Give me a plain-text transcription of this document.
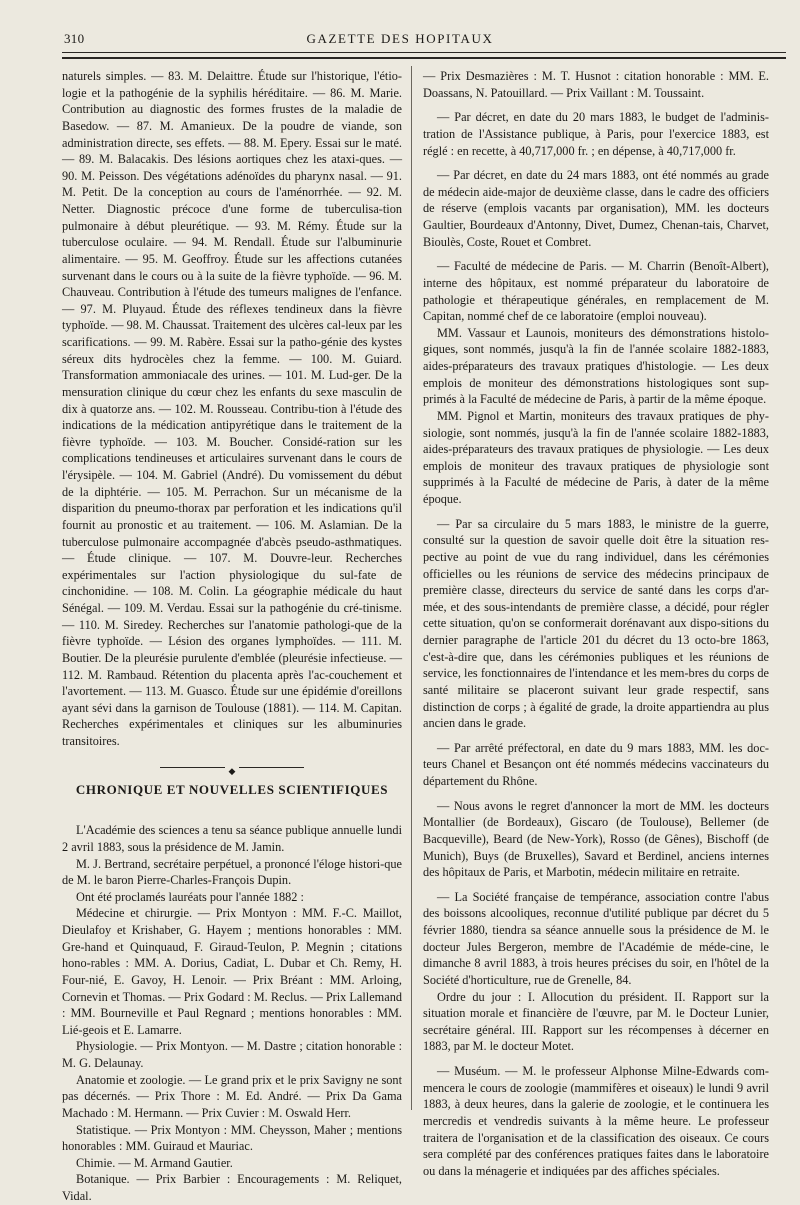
310	GAZETTE DES HOPITAUX

naturels simples. — 83. M. Delaittre. Étude sur l'historique, l'étio-logie et la pathogénie de la syphilis héréditaire. — 86. M. Marie. Contribution au diagnostic des formes frustes de la maladie de Basedow. — 87. M. Amanieux. De la poudre de viande, son administration directe, ses effets. — 88. M. Epery. Essai sur le maté. — 89. M. Balacakis. Des lésions aortiques chez les ataxi-ques. — 90. M. Peisson. Des végétations adénoïdes du pharynx nasal. — 91. M. Petit. De la conception au cours de l'aménorrhée. — 92. M. Netter. Diagnostic précoce d'une forme de tuberculisa-tion pulmonaire à début pleurétique. — 93. M. Rémy. Étude sur la tuberculose oculaire. — 94. M. Rendall. Étude sur l'albuminurie alimentaire. — 95. M. Geoffroy. Étude sur les affections cutanées survenant dans le cours ou à la suite de la fièvre typhoïde. — 96. M. Chauveau. Contribution à l'étude des tumeurs malignes de l'enfance. — 97. M. Pluyaud. Étude des réflexes tendineux dans la fièvre typhoïde. — 98. M. Chaussat. Traitement des ulcères cal-leux par les scarifications. — 99. M. Rabère. Essai sur la patho-génie des kystes séreux dits hydrocèles chez la femme. — 100. M. Guiard. Transformation ammoniacale des urines. — 101. M. Lud-ger. De la mensuration clinique du cœur chez les enfants du sexe masculin de dix à quatorze ans. — 102. M. Rousseau. Contribu-tion à l'étude des indications de la médication antipyrétique dans le traitement de la fièvre typhoïde. — 103. M. Boucher. Considé-ration sur les complications tendineuses et articulaires survenant dans le cours de l'érysipèle. — 104. M. Gabriel (André). Du vomissement du début de la diphtérie. — 105. M. Perrachon. Sur un mécanisme de la disparition du pneumo-thorax par perforation et les indications qu'il fournit au pronostic et au traitement. — 106. M. Aslamian. De la tuberculose pulmonaire accompagnée d'abcès pseudo-asthmatiques. — Étude clinique. — 107. M. Douvre-leur. Recherches expérimentales sur l'action physiologique du sul-fate de cinchonidine. — 108. M. Colin. La géographie médicale du haut Sénégal. — 109. M. Verdau. Essai sur la pathogénie du cré-tinisme. — 110. M. Siredey. Recherches sur l'anatomie pathologi-que de la fièvre typhoïde. — Lésion des organes lymphoïdes. — 111. M. Boutier. De la pleurésie purulente d'emblée (pleurésie infectieuse. — 112. M. Rambaud. Rétention du placenta après l'ac-couchement et l'avortement. — 113. M. Guasco. Étude sur une épidémie d'oreillons ayant sévi dans la garnison de Toulouse (1881). — 114. M. Capitan. Recherches expérimentales et cliniques sur les albuminuries transitoires.

◆
CHRONIQUE ET NOUVELLES SCIENTIFIQUES

L'Académie des sciences a tenu sa séance publique annuelle lundi 2 avril 1883, sous la présidence de M. Jamin.

M. J. Bertrand, secrétaire perpétuel, a prononcé l'éloge histori-que de M. le baron Pierre-Charles-François Dupin.

Ont été proclamés lauréats pour l'année 1882 :

Médecine et chirurgie. — Prix Montyon : MM. F.-C. Maillot, Dieulafoy et Krishaber, G. Hayem ; mentions honorables : MM. Gre-hand et Quinquaud, F. Giraud-Teulon, P. Megnin ; citations hono-rables : MM. A. Dorius, Cadiat, L. Dubar et Ch. Remy, H. Four-nié, E. Gavoy, H. Lenoir. — Prix Bréant : MM. Arloing, Cornevin et Thomas. — Prix Godard : M. Reclus. — Prix Lallemand : MM. Bourneville et Paul Regnard ; mentions honorables : MM. Lié-geois et E. Lamarre.

Physiologie. — Prix Montyon. — M. Dastre ; citation honorable : M. G. Delaunay.

Anatomie et zoologie. — Le grand prix et le prix Savigny ne sont pas décernés. — Prix Thore : M. Ed. André. — Prix Da Gama Machado : M. Hermann. — Prix Cuvier : M. Oswald Herr.

Statistique. — Prix Montyon : MM. Cheysson, Maher ; mentions honorables : MM. Guiraud et Mauriac.

Chimie. — M. Armand Gautier.

Botanique. — Prix Barbier : Encouragements : M. Reliquet, Vidal.

— Prix Desmazières : M. T. Husnot : citation honorable : MM. E. Doassans, N. Patouillard. — Prix Vaillant : M. Toussaint.

— Par décret, en date du 20 mars 1883, le budget de l'adminis-tration de l'Assistance publique, à Paris, pour l'exercice 1883, est réglé : en recette, à 40,717,000 fr. ; en dépense, à 40,717,000 fr.

— Par décret, en date du 24 mars 1883, ont été nommés au grade de médecin aide-major de deuxième classe, dans le cadre des officiers de réserve (emplois vacants par organisation), MM. les docteurs Gaultier, Bourdeaux d'Antonny, Divet, Dumez, Chenan-tais, Charvet, Bioulès, Coste, Rouet et Combret.

— Faculté de médecine de Paris. — M. Charrin (Benoît-Albert), interne des hôpitaux, est nommé préparateur du laboratoire de pathologie et thérapeutique générales, en remplacement de M. Capitan, nommé chef de ce laboratoire (emploi nouveau).

MM. Vassaur et Launois, moniteurs des démonstrations histolo-giques, sont nommés, jusqu'à la fin de l'année scolaire 1882-1883, aides-préparateurs des travaux pratiques d'histologie. — Les deux emplois de moniteur des démonstrations histologiques sont sup-primés à la Faculté de médecine de Paris, à partir de la même époque.

MM. Pignol et Martin, moniteurs des travaux pratiques de phy-siologie, sont nommés, jusqu'à la fin de l'année scolaire 1882-1883, aides-préparateurs des travaux pratiques de physiologie. — Les deux emplois de moniteur des travaux pratiques de physiologie sont supprimés à la Faculté de médecine de Paris, à dater de la même époque.

— Par sa circulaire du 5 mars 1883, le ministre de la guerre, consulté sur la question de savoir quelle doit être la situation res-pective au point de vue du rang individuel, dans les cérémonies officielles ou les réunions de service des médecins principaux de première classe, directeurs du service de santé dans les corps d'ar-mée, et des sous-intendants de première classe, a décidé, pour régler cette situation, qu'on se conformerait dorénavant aux dispo-sitions du dernier paragraphe de l'article 201 du décret du 13 octo-bre 1863, c'est-à-dire que, dans les cérémonies publiques et les réunions de service, les fonctionnaires de l'intendance et les mem-bres du corps de santé militaire se placeront suivant leur grade respectif, sans distinction de corps ; à égalité de grade, la droite appartiendra au plus ancien dans le grade.

— Par arrêté préfectoral, en date du 9 mars 1883, MM. les doc-teurs Chanel et Besançon ont été nommés médecins vaccinateurs du département du Rhône.

— Nous avons le regret d'annoncer la mort de MM. les docteurs Montallier (de Bordeaux), Giscaro (de Toulouse), Bellemer (de Bacqueville), Beard (de New-York), Rosso (de Gênes), Bischoff (de Munich), Buys (de Bruxelles), Savard et Berdinel, anciens internes des hôpitaux de Paris, et Marbotin, médecin militaire en retraite.

— La Société française de tempérance, association contre l'abus des boissons alcooliques, reconnue d'utilité publique par décret du 5 février 1880, tiendra sa séance annuelle sous la présidence de M. le docteur Jules Bergeron, membre de l'Académie de méde-cine, le dimanche 8 avril 1883, à trois heures précises du soir, en l'hôtel de la Société d'horticulture, rue de Grenelle, 84.

Ordre du jour : I. Allocution du président. II. Rapport sur la situation morale et financière de l'œuvre, par M. le Docteur Lunier, secrétaire général. III. Rapport sur les récompenses à décerner en 1883, par M. le docteur Motet.

— Muséum. — M. le professeur Alphonse Milne-Edwards com-mencera le cours de zoologie (mammifères et oiseaux) le lundi 9 avril 1883, à deux heures, dans la galerie de zoologie, et le continuera les mercredis et vendredis suivants à la même heure. Le professeur traitera de l'organisation et de la classification des oiseaux. Ce cours sera complété par des conférences pratiques faites dans le laboratoire ou dans la ménagerie et indiquées par des affiches spéciales.
